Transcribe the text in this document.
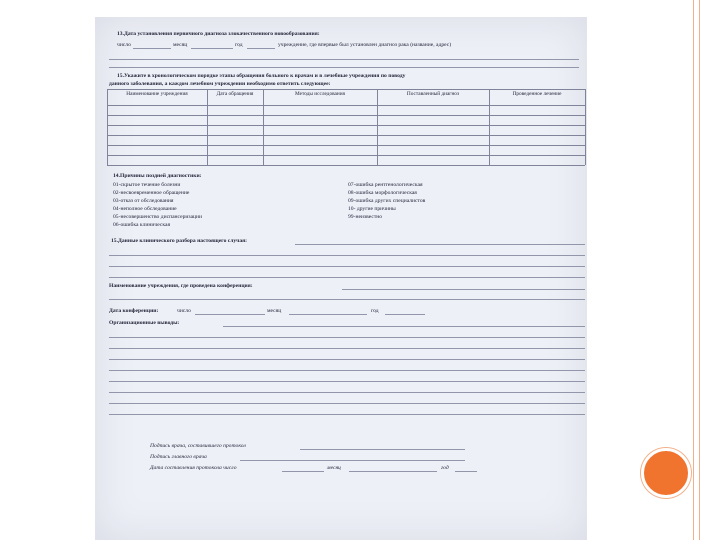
13.Дата установления первичного диагноза злокачественного новообразования:
число	месяц	год	учреждение, где впервые был установлен диагноз рака (название, адрес)
15.Укажите в хронологическом порядке этапы обращения больного к врачам и в лечебные учреждения по поводу
данного заболевания, а каждом лечебном учреждении необходимо ответить следующее:
Наименование учреждения	Дата обращения	Методы исследования	Поставленный диагноз	Проведенное лечение
14.Причины поздней диагностики:
01-скрытое течение болезни
02-несвоевременное обращение
03-отказ от обследования
04-неполное обследование
05-несовершенство диспансеризации
06-ошибка клиническая
07-ошибка рентгенологическая
08-ошибка морфологическая
09-ошибка других специалистов
10- другие причины
99-неизвестно
15.Данные клинического разбора настоящего случая:
Наименование учреждения, где проведена конференция:
Дата конференции:	число	месяц	год
Организационные выводы:
Подпись врача, составившего протокол
Подпись главного врача
Дата составления протокола число	месяц	год
